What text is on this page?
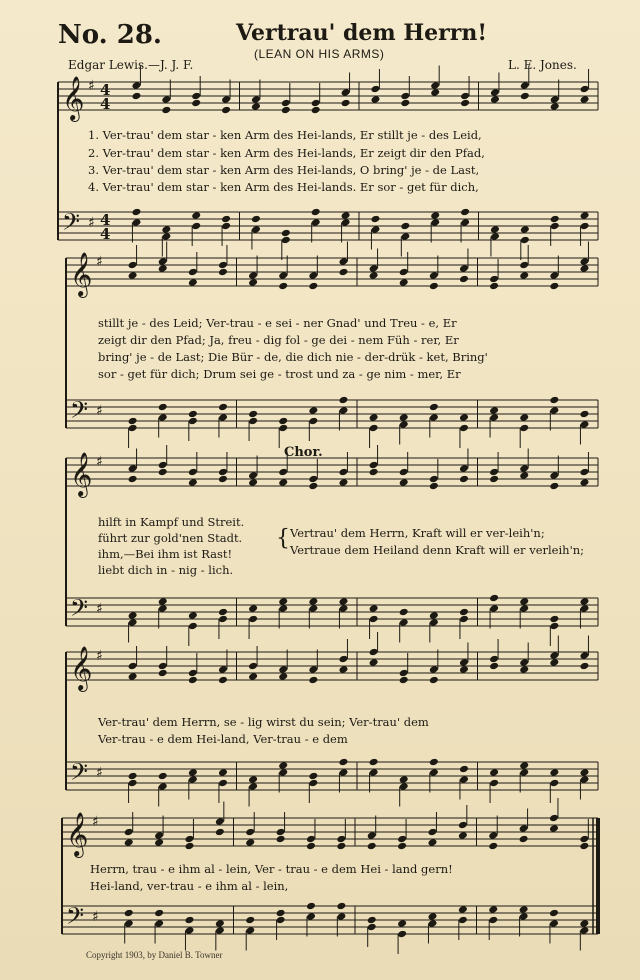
No. 28.	Vertrau' dem Herrn!
(LEAN ON HIS ARMS)
Edgar Lewis.—J. J. F.	L. E. Jones.
𝄞
𝄢
♯
♯
4
4
4
4
𝄞
𝄢
♯
♯
𝄞
𝄢
♯
♯
𝄞
𝄢
♯
♯
𝄞
𝄢
♯
♯
1. Ver-trau' dem star - ken Arm des Hei-lands, Er stillt je - des Leid,
2. Ver-trau' dem star - ken Arm des Hei-lands, Er zeigt dir den Pfad,
3. Ver-trau' dem star - ken Arm des Hei-lands, O bring' je - de Last,
4. Ver-trau' dem star - ken Arm des Hei-lands. Er sor - get für dich,
stillt je - des Leid; Ver-trau - e sei - ner Gnad' und Treu - e, Er
zeigt dir den Pfad; Ja, freu - dig fol - ge dei - nem Füh - rer, Er
bring' je - de Last; Die Bür - de, die dich nie - der-drük - ket, Bring'
sor - get für dich; Drum sei ge - trost und za - ge nim - mer, Er
Chor.
hilft in Kampf und Streit.
führt zur gold'nen Stadt.
ihm,—Bei ihm ist Rast!
liebt dich in - nig - lich.
{ Vertrau' dem Herrn, Kraft will er ver-leih'n;
Vertraue dem Heiland denn Kraft will er verleih'n;
Ver-trau' dem Herrn, se - lig wirst du sein; Ver-trau' dem
Ver-trau - e dem Hei-land, Ver-trau - e dem
Herrn, trau - e ihm al - lein, Ver - trau - e dem Hei - land gern!
Hei-land, ver-trau - e ihm al - lein,
Copyright 1903, by Daniel B. Towner
